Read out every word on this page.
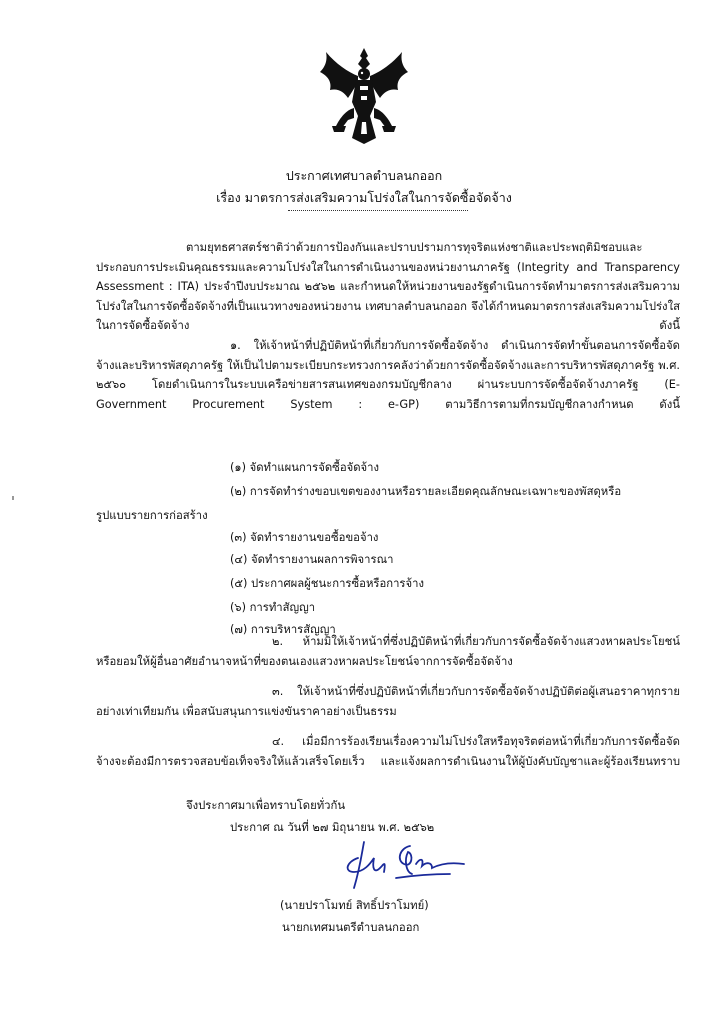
ประกาศเทศบาลตำบลนกออก
เรื่อง มาตรการส่งเสริมความโปร่งใสในการจัดซื้อจัดจ้าง
ตามยุทธศาสตร์ชาติว่าด้วยการป้องกันและปราบปรามการทุจริตแห่งชาติและประพฤติมิชอบและประกอบการประเมินคุณธรรมและความโปร่งใสในการดำเนินงานของหน่วยงานภาครัฐ (Integrity and Transparency Assessment : ITA) ประจำปีงบประมาณ ๒๕๖๒ และกำหนดให้หน่วยงานของรัฐดำเนินการจัดทำมาตรการส่งเสริมความโปร่งใสในการจัดซื้อจัดจ้างที่เป็นแนวทางของหน่วยงาน เทศบาลตำบลนกออก จึงได้กำหนดมาตรการส่งเสริมความโปร่งใสในการจัดซื้อจัดจ้าง ดังนี้
๑. ให้เจ้าหน้าที่ปฏิบัติหน้าที่เกี่ยวกับการจัดซื้อจัดจ้าง ดำเนินการจัดทำขั้นตอนการจัดซื้อจัดจ้างและบริหารพัสดุภาครัฐ ให้เป็นไปตามระเบียบกระทรวงการคลังว่าด้วยการจัดซื้อจัดจ้างและการบริหารพัสดุภาครัฐ พ.ศ. ๒๕๖๐ โดยดำเนินการในระบบเครือข่ายสารสนเทศของกรมบัญชีกลาง ผ่านระบบการจัดซื้อจัดจ้างภาครัฐ (E-Government Procurement System : e-GP) ตามวิธีการตามที่กรมบัญชีกลางกำหนด ดังนี้
(๑) จัดทำแผนการจัดซื้อจัดจ้าง
(๒) การจัดทำร่างขอบเขตของงานหรือรายละเอียดคุณลักษณะเฉพาะของพัสดุหรือ
รูปแบบรายการก่อสร้าง
(๓) จัดทำรายงานขอซื้อขอจ้าง
(๔) จัดทำรายงานผลการพิจารณา
(๕) ประกาศผลผู้ชนะการซื้อหรือการจ้าง
(๖) การทำสัญญา
(๗) การบริหารสัญญา
๒. ห้ามมิให้เจ้าหน้าที่ซึ่งปฏิบัติหน้าที่เกี่ยวกับการจัดซื้อจัดจ้างแสวงหาผลประโยชน์หรือยอมให้ผู้อื่นอาศัยอำนาจหน้าที่ของตนเองแสวงหาผลประโยชน์จากการจัดซื้อจัดจ้าง
๓. ให้เจ้าหน้าที่ซึ่งปฏิบัติหน้าที่เกี่ยวกับการจัดซื้อจัดจ้างปฏิบัติต่อผู้เสนอราคาทุกรายอย่างเท่าเทียมกัน เพื่อสนับสนุนการแข่งขันราคาอย่างเป็นธรรม
๔. เมื่อมีการร้องเรียนเรื่องความไม่โปร่งใสหรือทุจริตต่อหน้าที่เกี่ยวกับการจัดซื้อจัดจ้างจะต้องมีการตรวจสอบข้อเท็จจริงให้แล้วเสร็จโดยเร็ว และแจ้งผลการดำเนินงานให้ผู้บังคับบัญชาและผู้ร้องเรียนทราบ
จึงประกาศมาเพื่อทราบโดยทั่วกัน
ประกาศ ณ วันที่ ๒๗ มิถุนายน พ.ศ. ๒๕๖๒
(นายปราโมทย์ สิทธิ์ปราโมทย์)
นายกเทศมนตรีตำบลนกออก
